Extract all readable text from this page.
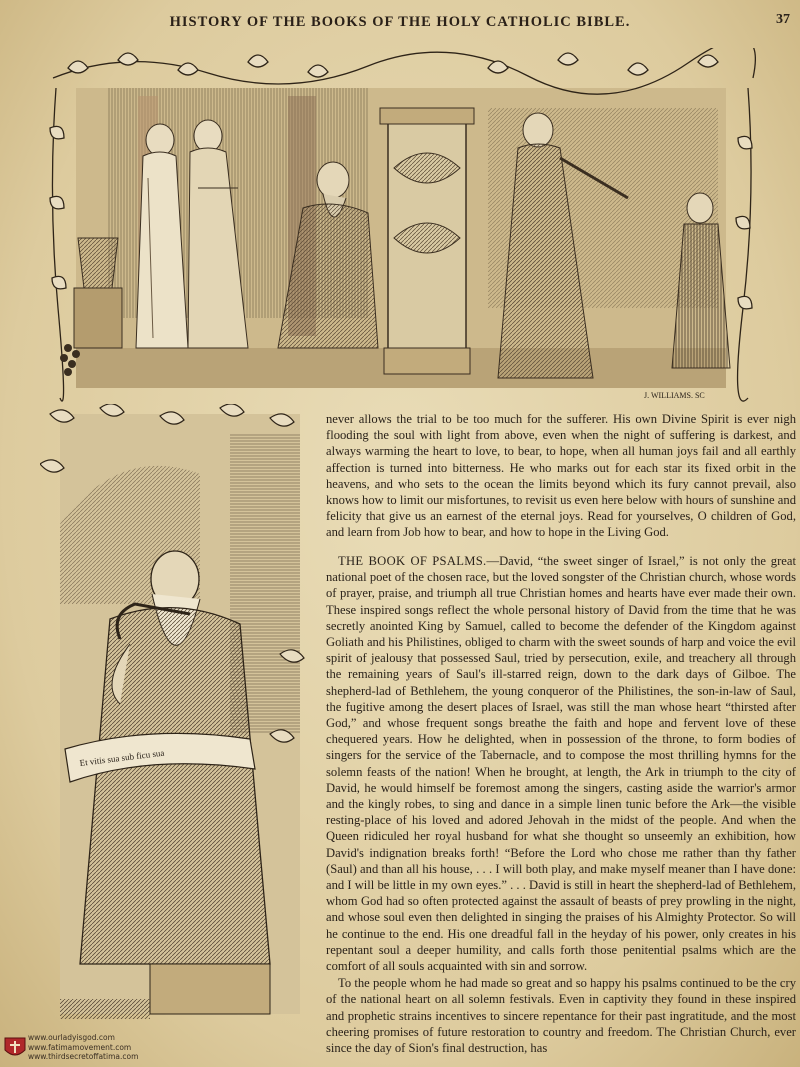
HISTORY OF THE BOOKS OF THE HOLY CATHOLIC BIBLE.	37
J. WILLIAMS. SC
Et vitis sua sub ficu sua

never allows the trial to be too much for the sufferer. His own Divine Spirit is ever nigh flooding the soul with light from above, even when the night of suffering is darkest, and always warming the heart to love, to bear, to hope, when all human joys fail and all earthly affection is turned into bitterness. He who marks out for each star its fixed orbit in the heavens, and who sets to the ocean the limits beyond which its fury cannot prevail, also knows how to limit our misfortunes, to revisit us even here below with hours of sunshine and felicity that give us an earnest of the eternal joys. Read for yourselves, O children of God, and learn from Job how to bear, and how to hope in the Living God.

THE BOOK OF PSALMS.—David, “the sweet singer of Israel,” is not only the great national poet of the chosen race, but the loved songster of the Christian church, whose words of prayer, praise, and triumph all true Christian homes and hearts have ever made their own. These inspired songs reflect the whole personal history of David from the time that he was secretly anointed King by Samuel, called to become the defender of the Kingdom against Goliath and his Philistines, obliged to charm with the sweet sounds of harp and voice the evil spirit of jealousy that possessed Saul, tried by persecution, exile, and treachery all through the remaining years of Saul's ill-starred reign, down to the dark days of Gilboe. The shepherd-lad of Bethlehem, the young conqueror of the Philistines, the son-in-law of Saul, the fugitive among the desert places of Israel, was still the man whose heart “thirsted after God,” and whose frequent songs breathe the faith and hope and fervent love of these chequered years. How he delighted, when in possession of the throne, to form bodies of singers for the service of the Tabernacle, and to compose the most thrilling hymns for the solemn feasts of the nation! When he brought, at length, the Ark in triumph to the city of David, he would himself be foremost among the singers, casting aside the warrior's armor and the kingly robes, to sing and dance in a simple linen tunic before the Ark—the visible resting-place of his loved and adored Jehovah in the midst of the people. And when the Queen ridiculed her royal husband for what she thought so unseemly an exhibition, how David's indignation breaks forth! “Before the Lord who chose me rather than thy father (Saul) and than all his house, . . . I will both play, and make myself meaner than I have done: and I will be little in my own eyes.” . . . David is still in heart the shepherd-lad of Bethlehem, whom God had so often protected against the assault of beasts of prey prowling in the night, and whose soul even then delighted in singing the praises of his Almighty Protector. So will he continue to the end. His one dreadful fall in the heyday of his power, only creates in his repentant soul a deeper humility, and calls forth those penitential psalms which are the comfort of all souls acquainted with sin and sorrow.

To the people whom he had made so great and so happy his psalms continued to be the cry of the national heart on all solemn festivals. Even in captivity they found in these inspired and prophetic strains incentives to sincere repentance for their past ingratitude, and the most cheering promises of future restoration to country and freedom. The Christian Church, ever since the day of Sion's final destruction, has

www.ourladyisgod.com
www.fatimamovement.com
www.thirdsecretoffatima.com
